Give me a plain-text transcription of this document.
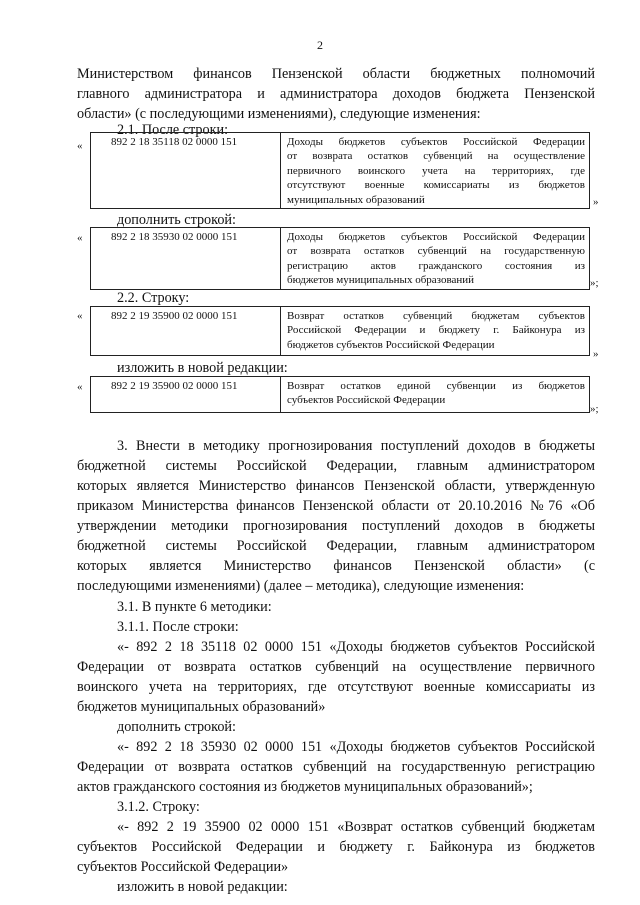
2
Министерством финансов Пензенской области бюджетных полномочий
главного администратора и администратора доходов бюджета Пензенской
области» (с последующими изменениями), следующие изменения:
2.1. После строки:
«	892 2 18 35118 02 0000 151	Доходы бюджетов субъектов Российской Федерации
от возврата остатков субвенций на осуществление
первичного воинского учета на территориях, где
отсутствуют военные комиссариаты из бюджетов
муниципальных образований	»
дополнить строкой:
«	892 2 18 35930 02 0000 151	Доходы бюджетов субъектов Российской Федерации
от возврата остатков субвенций на государственную
регистрацию актов гражданского состояния из
бюджетов муниципальных образований	»;
2.2. Строку:
«	892 2 19 35900 02 0000 151	Возврат остатков субвенций бюджетам субъектов
Российской Федерации и бюджету г. Байконура из
бюджетов субъектов Российской Федерации
»
изложить в новой редакции:
«	892 2 19 35900 02 0000 151	Возврат остатков единой субвенции из бюджетов
субъектов Российской Федерации
»;
3. Внести в методику прогнозирования поступлений доходов в бюджеты
бюджетной системы Российской Федерации, главным администратором
которых является Министерство финансов Пензенской области, утвержденную
приказом Министерства финансов Пензенской области от 20.10.2016 №76 «Об
утверждении методики прогнозирования поступлений доходов в бюджеты
бюджетной системы Российской Федерации, главным администратором
которых является Министерство финансов Пензенской области» (с
последующими изменениями) (далее – методика), следующие изменения:
3.1. В пункте 6 методики:
3.1.1. После строки:
«- 892 2 18 35118 02 0000 151 «Доходы бюджетов субъектов Российской
Федерации от возврата остатков субвенций на осуществление первичного
воинского учета на территориях, где отсутствуют военные комиссариаты из
бюджетов муниципальных образований»
дополнить строкой:
«- 892 2 18 35930 02 0000 151 «Доходы бюджетов субъектов Российской
Федерации от возврата остатков субвенций на государственную регистрацию
актов гражданского состояния из бюджетов муниципальных образований»;
3.1.2. Строку:
«- 892 2 19 35900 02 0000 151 «Возврат остатков субвенций бюджетам
субъектов Российской Федерации и бюджету г. Байконура из бюджетов
субъектов Российской Федерации»
изложить в новой редакции:
